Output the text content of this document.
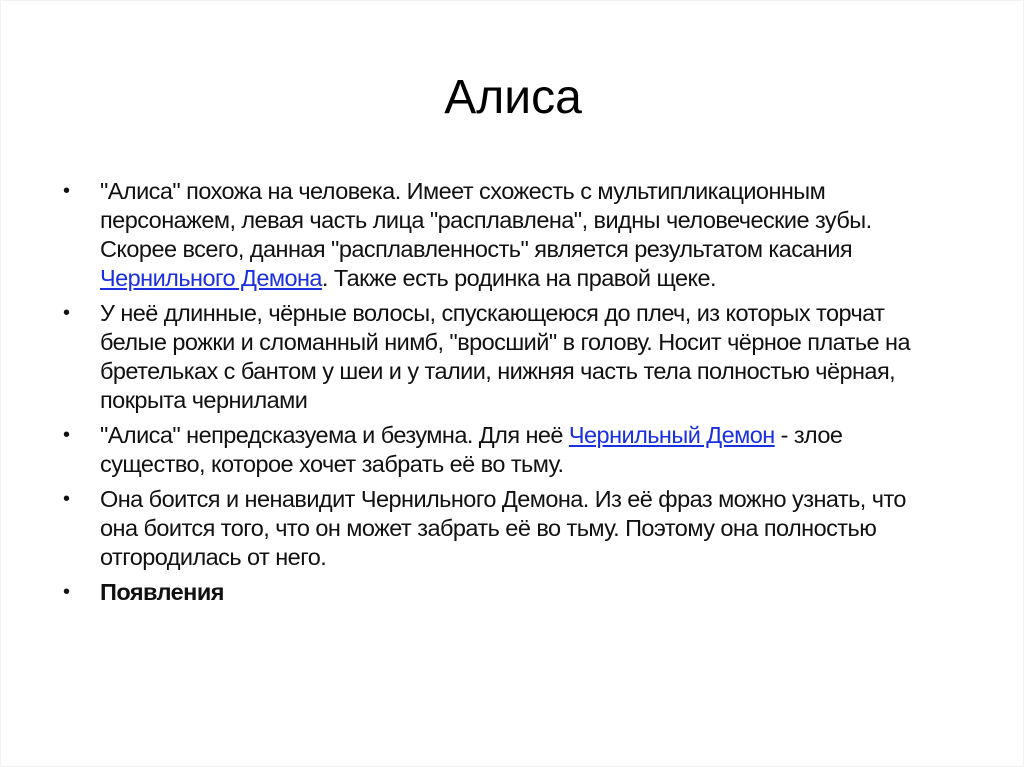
Алиса
•	"Алиса" похожа на человека. Имеет схожесть с мультипликационным персонажем, левая часть лица "расплавлена", видны человеческие зубы. Скорее всего, данная "расплавленность" является результатом касания Чернильного Демона. Также есть родинка на правой щеке.
•	У неё длинные, чёрные волосы, спускающеюся до плеч, из которых торчат белые рожки и сломанный нимб, "вросший" в голову. Носит чёрное платье на бретельках с бантом у шеи и у талии, нижняя часть тела полностью чёрная, покрыта чернилами
•	"Алиса" непредсказуема и безумна. Для неё Чернильный Демон - злое существо, которое хочет забрать её во тьму.
•	Она боится и ненавидит Чернильного Демона. Из её фраз можно узнать, что она боится того, что он может забрать её во тьму. Поэтому она полностью отгородилась от него.
•	Появления
